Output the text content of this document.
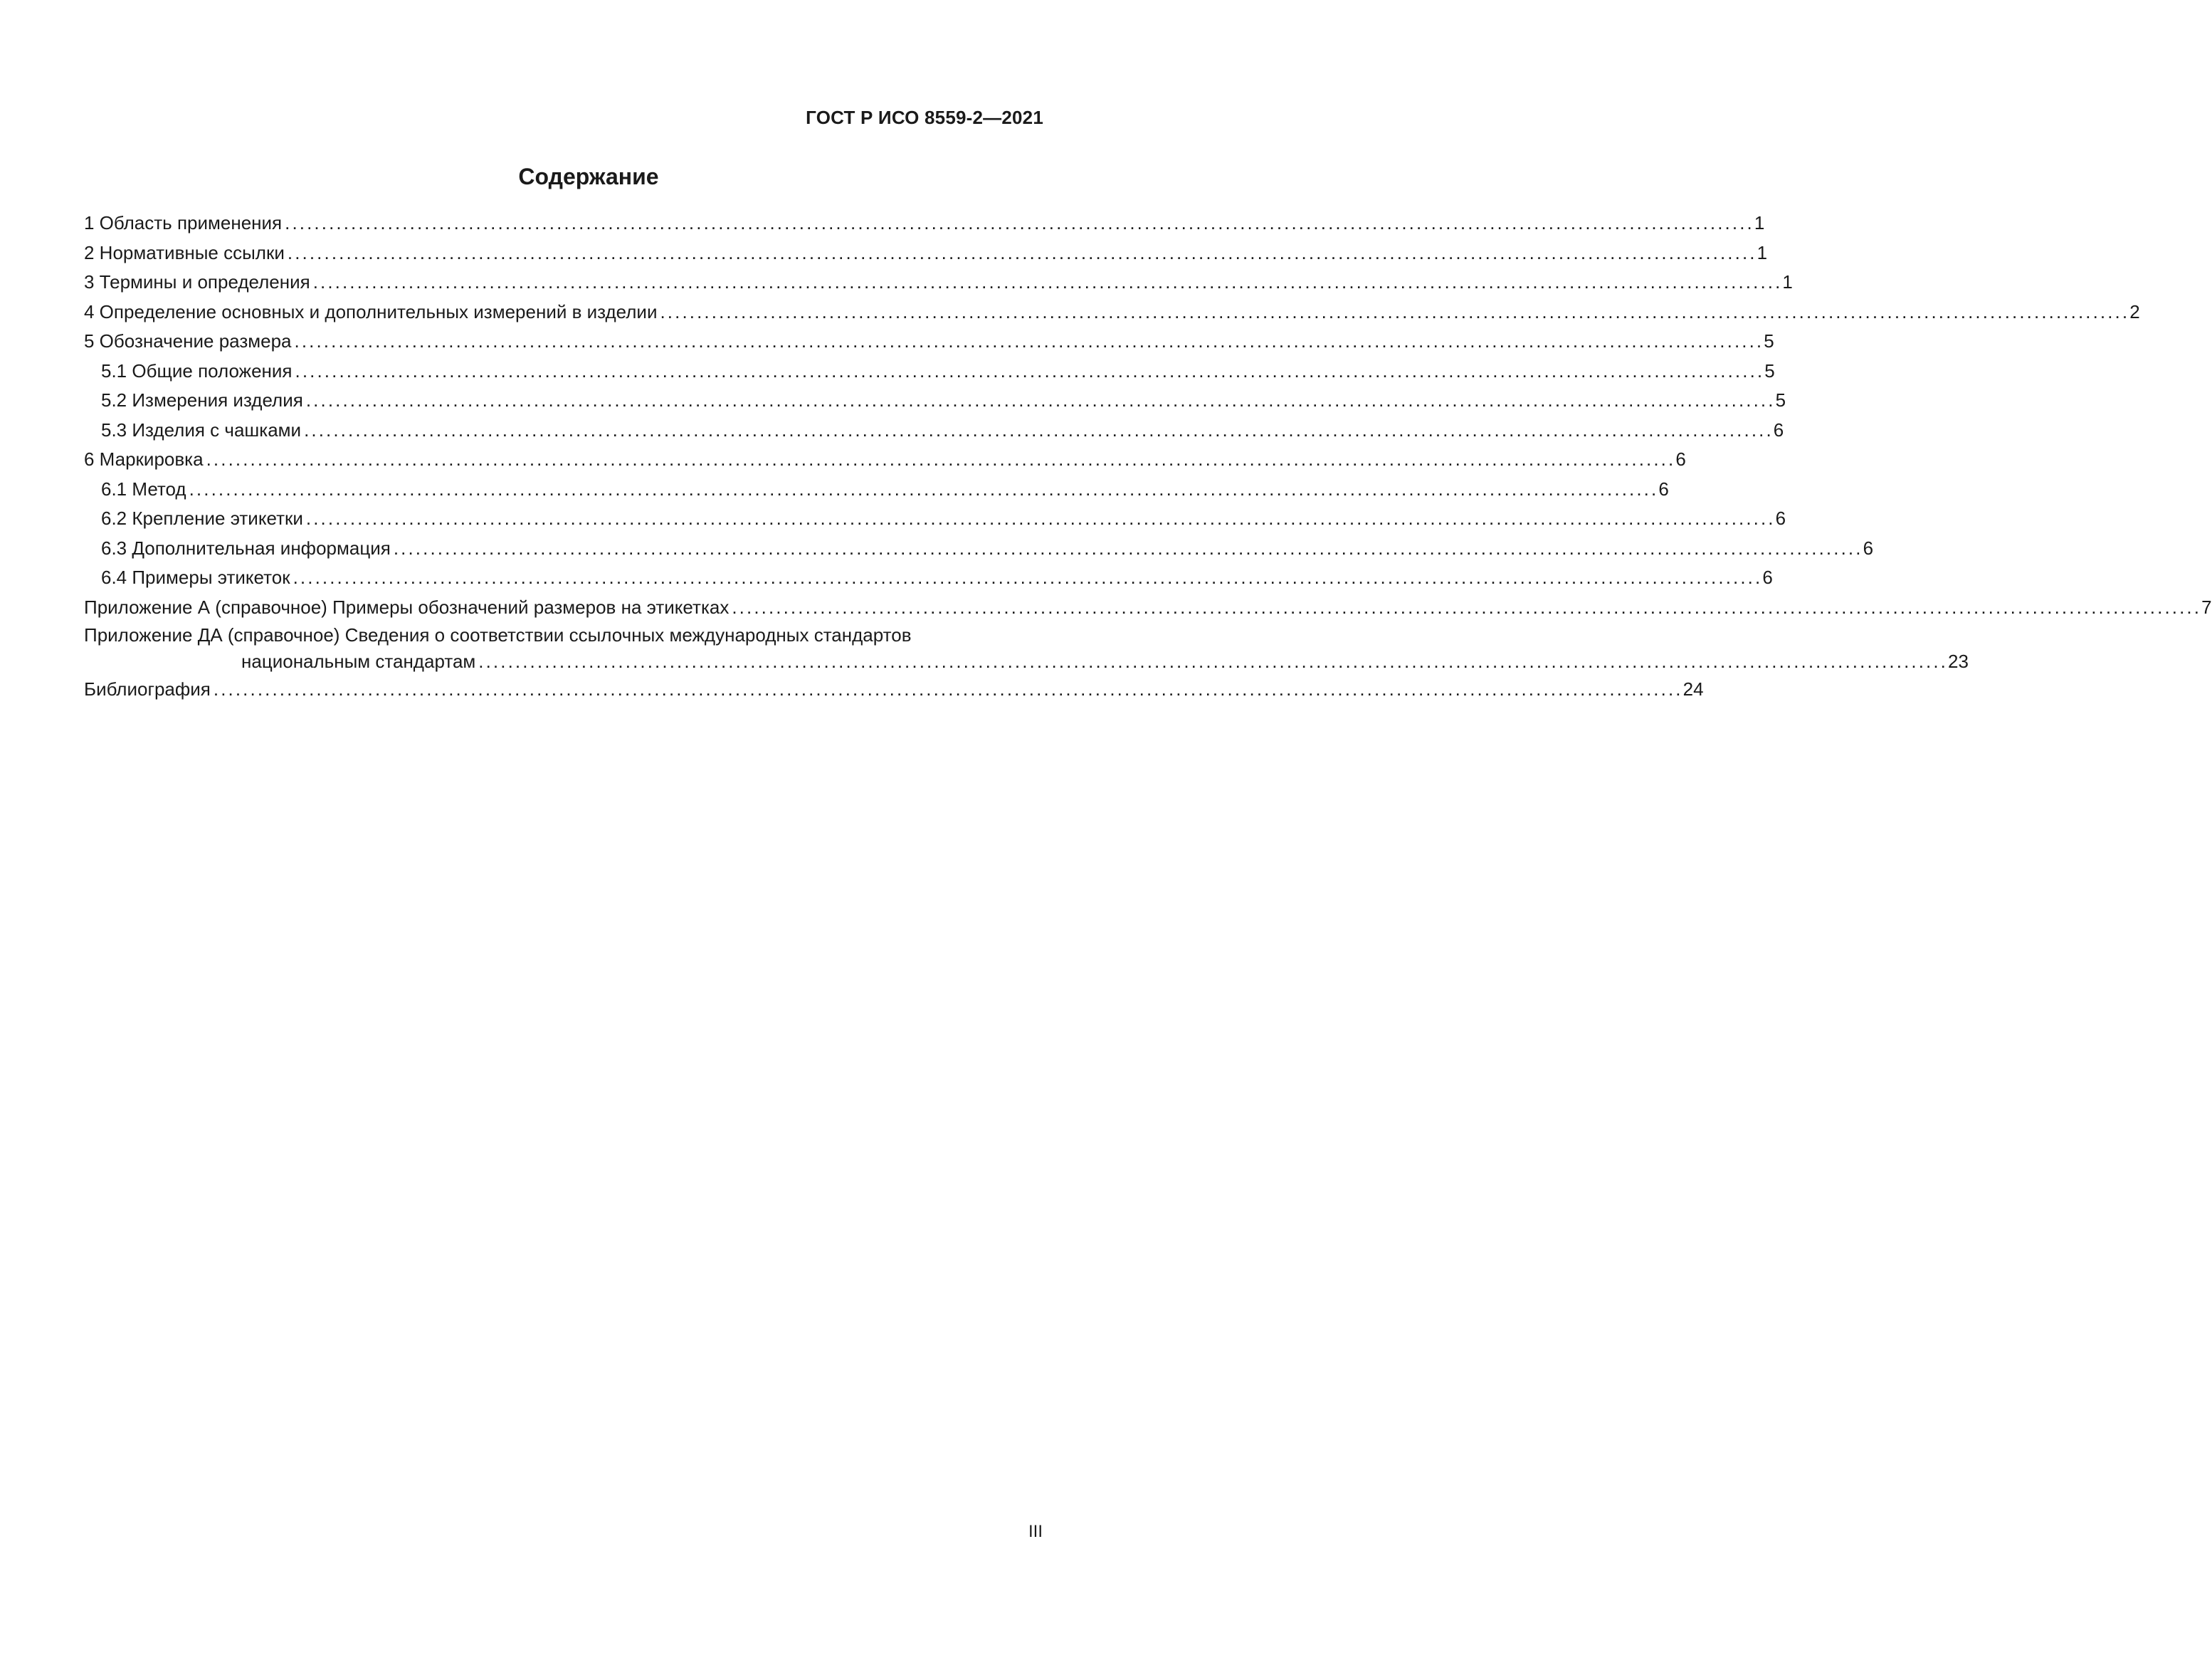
ГОСТ Р ИСО 8559-2—2021
Содержание
1 Область применения ........................................................................................................................................................................................................ 1
2 Нормативные ссылки ........................................................................................................................................................................................................ 1
3 Термины и определения ........................................................................................................................................................................................................ 1
4 Определение основных и дополнительных измерений в изделии ........................................................................................................................................................................................................ 2
5 Обозначение размера ........................................................................................................................................................................................................ 5
5.1 Общие положения ........................................................................................................................................................................................................ 5
5.2 Измерения изделия ........................................................................................................................................................................................................ 5
5.3 Изделия с чашками ........................................................................................................................................................................................................ 6
6 Маркировка ........................................................................................................................................................................................................ 6
6.1 Метод ........................................................................................................................................................................................................ 6
6.2 Крепление этикетки ........................................................................................................................................................................................................ 6
6.3 Дополнительная информация ........................................................................................................................................................................................................ 6
6.4 Примеры этикеток ........................................................................................................................................................................................................ 6
Приложение А (справочное) Примеры обозначений размеров на этикетках ........................................................................................................................................................................................................ 7
Приложение ДА (справочное) Сведения о соответствии ссылочных международных стандартов
национальным стандартам ........................................................................................................................................................................................................ 23
Библиография ........................................................................................................................................................................................................ 24
III
